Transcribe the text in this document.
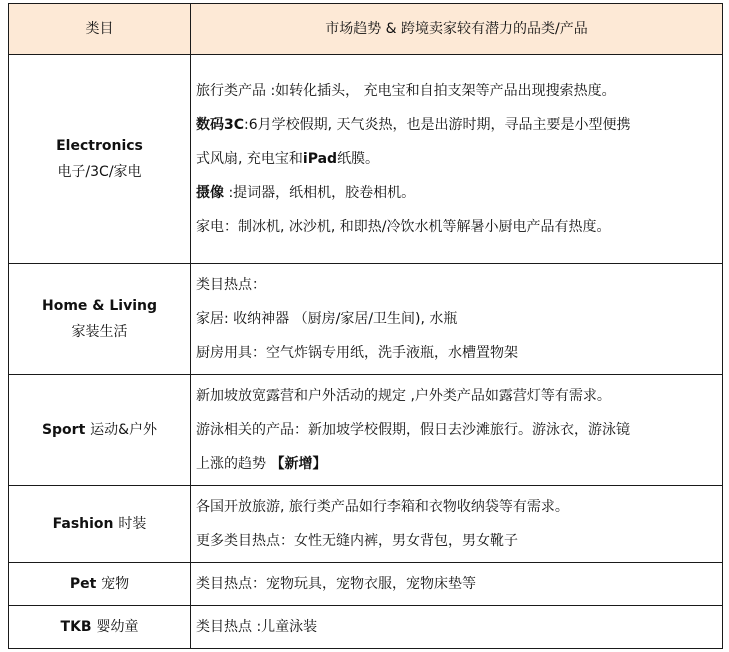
类目	市场趋势 & 跨境卖家较有潜力的品类/产品

Electronics
电子/3C/家电	旅行类产品 :如转化插头， 充电宝和自拍支架等产品出现搜索热度。
数码3C:6月学校假期, 天气炎热，也是出游时期，寻品主要是小型便携
式风扇, 充电宝和iPad纸膜。
摄像 :提词器，纸相机，胶卷相机。
家电：制冰机, 冰沙机, 和即热/冷饮水机等解暑小厨电产品有热度。

Home & Living
家装生活	类目热点：
家居: 收纳神器 （厨房/家居/卫生间), 水瓶
厨房用具：空气炸锅专用纸，洗手液瓶，水槽置物架

Sport 运动&户外	新加坡放宽露营和户外活动的规定 ,户外类产品如露营灯等有需求。
游泳相关的产品：新加坡学校假期，假日去沙滩旅行。游泳衣，游泳镜
上涨的趋势 【新增】

Fashion 时装	各国开放旅游, 旅行类产品如行李箱和衣物收纳袋等有需求。
更多类目热点：女性无缝内裤，男女背包，男女靴子

Pet 宠物	类目热点：宠物玩具，宠物衣服，宠物床垫等

TKB 婴幼童	类目热点 :儿童泳装
